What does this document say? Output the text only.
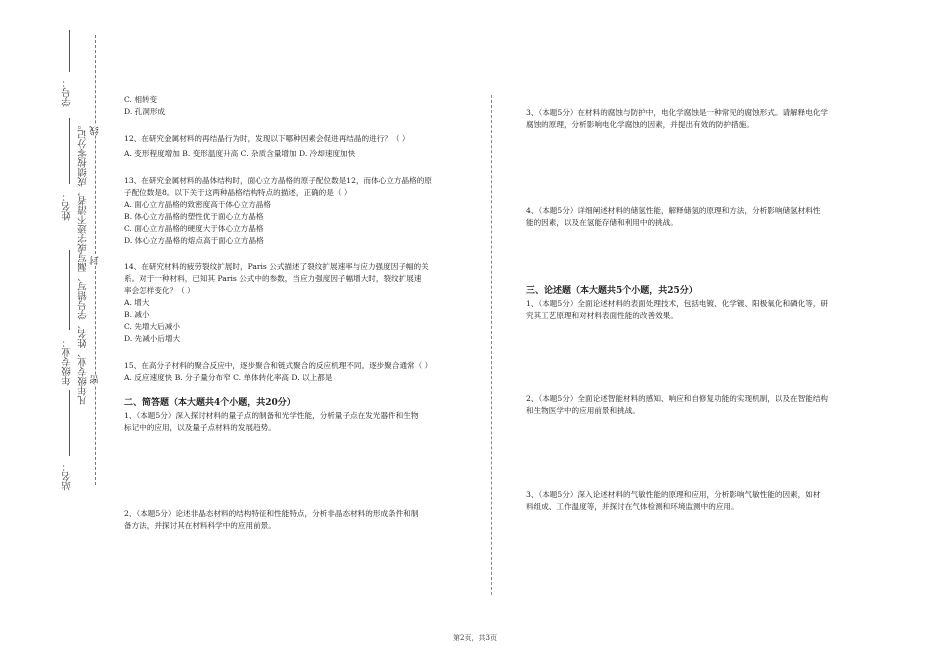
学号：
姓名：
年级专业：
站名：
凡年级专业、姓名、学号错写、漏写或字迹不清者，成绩按零分记。 线
封
密

C. 相转变

D. 孔洞形成

12、在研究金属材料的再结晶行为时，发现以下哪种因素会促进再结晶的进行？（ ）

A. 变形程度增加 B. 变形温度升高 C. 杂质含量增加 D. 冷却速度加快

13、在研究金属材料的晶体结构时，面心立方晶格的原子配位数是12，而体心立方晶格的原

子配位数是8。以下关于这两种晶格结构特点的描述，正确的是（ ）

A. 面心立方晶格的致密度高于体心立方晶格

B. 体心立方晶格的塑性优于面心立方晶格

C. 面心立方晶格的硬度大于体心立方晶格

D. 体心立方晶格的熔点高于面心立方晶格

14、在研究材料的疲劳裂纹扩展时，Paris 公式描述了裂纹扩展速率与应力强度因子幅的关

系。对于一种材料，已知其 Paris 公式中的参数，当应力强度因子幅增大时，裂纹扩展速

率会怎样变化？（ ）

A. 增大

B. 减小

C. 先增大后减小

D. 先减小后增大

15、在高分子材料的聚合反应中，逐步聚合和链式聚合的反应机理不同。逐步聚合通常（ ）

A. 反应速度快 B. 分子量分布窄 C. 单体转化率高 D. 以上都是

二、简答题（本大题共4个小题，共20分）

1、（本题5分）深入探讨材料的量子点的制备和光学性能，分析量子点在发光器件和生物

标记中的应用，以及量子点材料的发展趋势。

2、（本题5分）论述非晶态材料的结构特征和性能特点，分析非晶态材料的形成条件和制

备方法，并探讨其在材料科学中的应用前景。

3、（本题5分）在材料的腐蚀与防护中，电化学腐蚀是一种常见的腐蚀形式。请解释电化学

腐蚀的原理，分析影响电化学腐蚀的因素，并提出有效的防护措施。

4、（本题5分）详细阐述材料的储氢性能，解释储氢的原理和方法，分析影响储氢材料性

能的因素，以及在氢能存储和利用中的挑战。

三、论述题（本大题共5个小题，共25分）

1、（本题5分）全面论述材料的表面处理技术，包括电镀、化学镀、阳极氧化和磷化等，研

究其工艺原理和对材料表面性能的改善效果。

2、（本题5分）全面论述智能材料的感知、响应和自修复功能的实现机制，以及在智能结构

和生物医学中的应用前景和挑战。

3、（本题5分）深入论述材料的气敏性能的原理和应用，分析影响气敏性能的因素，如材

料组成、工作温度等，并探讨在气体检测和环境监测中的应用。

第2页，共3页
